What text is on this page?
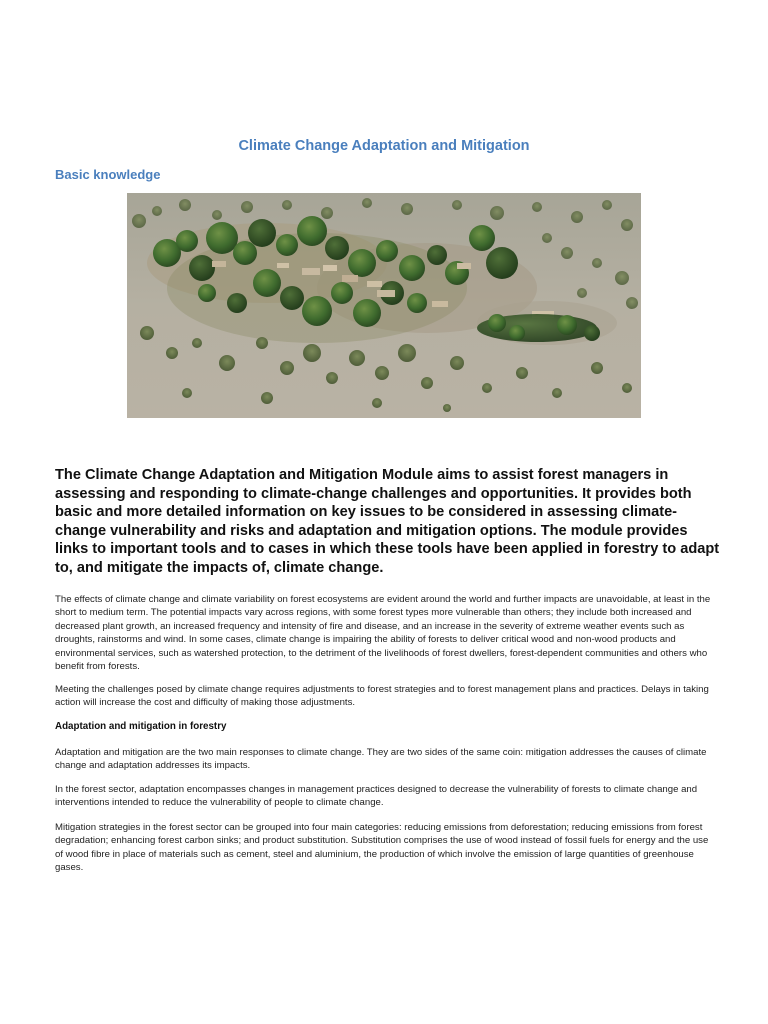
Climate Change Adaptation and Mitigation
Basic knowledge

The Climate Change Adaptation and Mitigation Module aims to assist forest managers in assessing and responding to climate-change challenges and opportunities. It provides both basic and more detailed information on key issues to be considered in assessing climate-change vulnerability and risks and adaptation and mitigation options. The module provides links to important tools and to cases in which these tools have been applied in forestry to adapt to, and mitigate the impacts of, climate change.

The effects of climate change and climate variability on forest ecosystems are evident around the world and further impacts are unavoidable, at least in the short to medium term. The potential impacts vary across regions, with some forest types more vulnerable than others; they include both increased and decreased plant growth, an increased frequency and intensity of fire and disease, and an increase in the severity of extreme weather events such as droughts, rainstorms and wind. In some cases, climate change is impairing the ability of forests to deliver critical wood and non-wood products and environmental services, such as watershed protection, to the detriment of the livelihoods of forest dwellers, forest-dependent communities and others who benefit from forests.

Meeting the challenges posed by climate change requires adjustments to forest strategies and to forest management plans and practices. Delays in taking action will increase the cost and difficulty of making those adjustments.

Adaptation and mitigation in forestry

Adaptation and mitigation are the two main responses to climate change. They are two sides of the same coin: mitigation addresses the causes of climate change and adaptation addresses its impacts.

In the forest sector, adaptation encompasses changes in management practices designed to decrease the vulnerability of forests to climate change and interventions intended to reduce the vulnerability of people to climate change.

Mitigation strategies in the forest sector can be grouped into four main categories: reducing emissions from deforestation; reducing emissions from forest degradation; enhancing forest carbon sinks; and product substitution. Substitution comprises the use of wood instead of fossil fuels for energy and the use of wood fibre in place of materials such as cement, steel and aluminium, the production of which involve the emission of large quantities of greenhouse gases.
